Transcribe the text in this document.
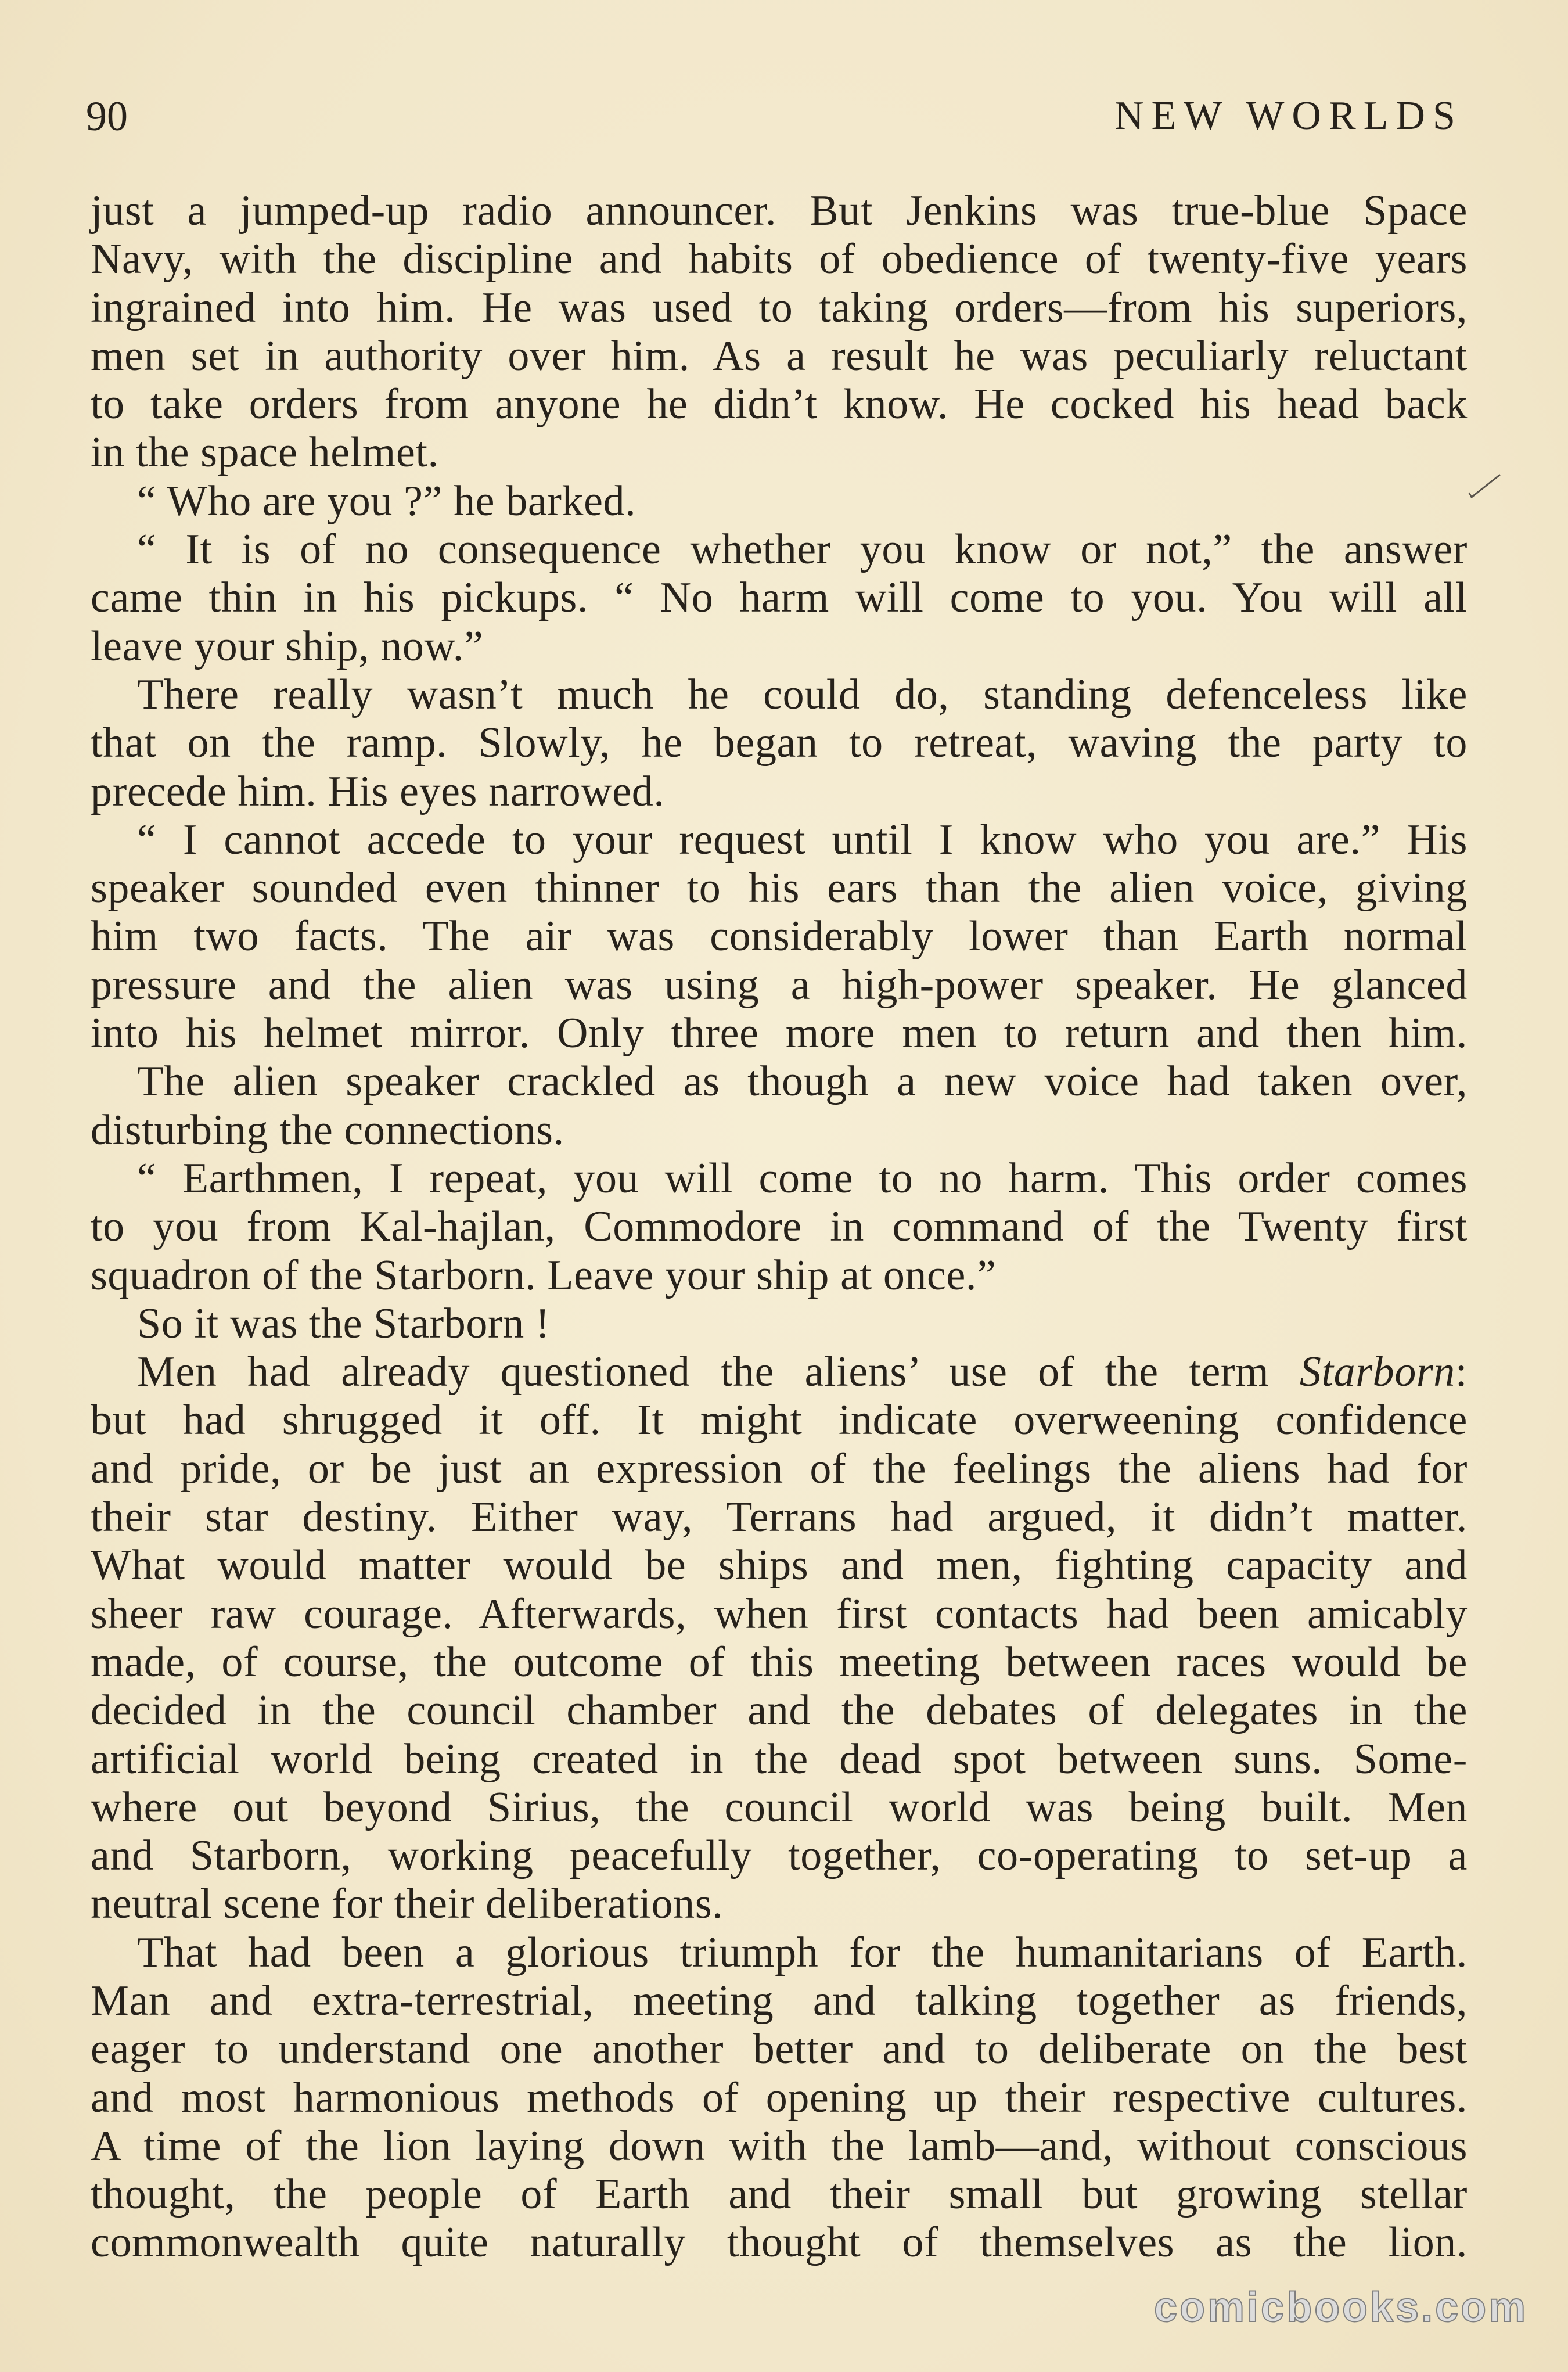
90	NEW WORLDS
just a jumped-up radio announcer. But Jenkins was true-blue Space
Navy, with the discipline and habits of obedience of twenty-five years
ingrained into him. He was used to taking orders—from his superiors,
men set in authority over him. As a result he was peculiarly reluctant
to take orders from anyone he didn’t know. He cocked his head back
in the space helmet.
“ Who are you ?” he barked.
“ It is of no consequence whether you know or not,” the answer
came thin in his pickups. “ No harm will come to you. You will all
leave your ship, now.”
There really wasn’t much he could do, standing defenceless like
that on the ramp. Slowly, he began to retreat, waving the party to
precede him. His eyes narrowed.
“ I cannot accede to your request until I know who you are.” His
speaker sounded even thinner to his ears than the alien voice, giving
him two facts. The air was considerably lower than Earth normal
pressure and the alien was using a high-power speaker. He glanced
into his helmet mirror. Only three more men to return and then him.
The alien speaker crackled as though a new voice had taken over,
disturbing the connections.
“ Earthmen, I repeat, you will come to no harm. This order comes
to you from Kal-hajlan, Commodore in command of the Twenty first
squadron of the Starborn. Leave your ship at once.”
So it was the Starborn !
Men had already questioned the aliens’ use of the term Starborn:
but had shrugged it off. It might indicate overweening confidence
and pride, or be just an expression of the feelings the aliens had for
their star destiny. Either way, Terrans had argued, it didn’t matter.
What would matter would be ships and men, fighting capacity and
sheer raw courage. Afterwards, when first contacts had been amicably
made, of course, the outcome of this meeting between races would be
decided in the council chamber and the debates of delegates in the
artificial world being created in the dead spot between suns. Some-
where out beyond Sirius, the council world was being built. Men
and Starborn, working peacefully together, co-operating to set-up a
neutral scene for their deliberations.
That had been a glorious triumph for the humanitarians of Earth.
Man and extra-terrestrial, meeting and talking together as friends,
eager to understand one another better and to deliberate on the best
and most harmonious methods of opening up their respective cultures.
A time of the lion laying down with the lamb—and, without conscious
thought, the people of Earth and their small but growing stellar
commonwealth quite naturally thought of themselves as the lion.
comicbooks.com
